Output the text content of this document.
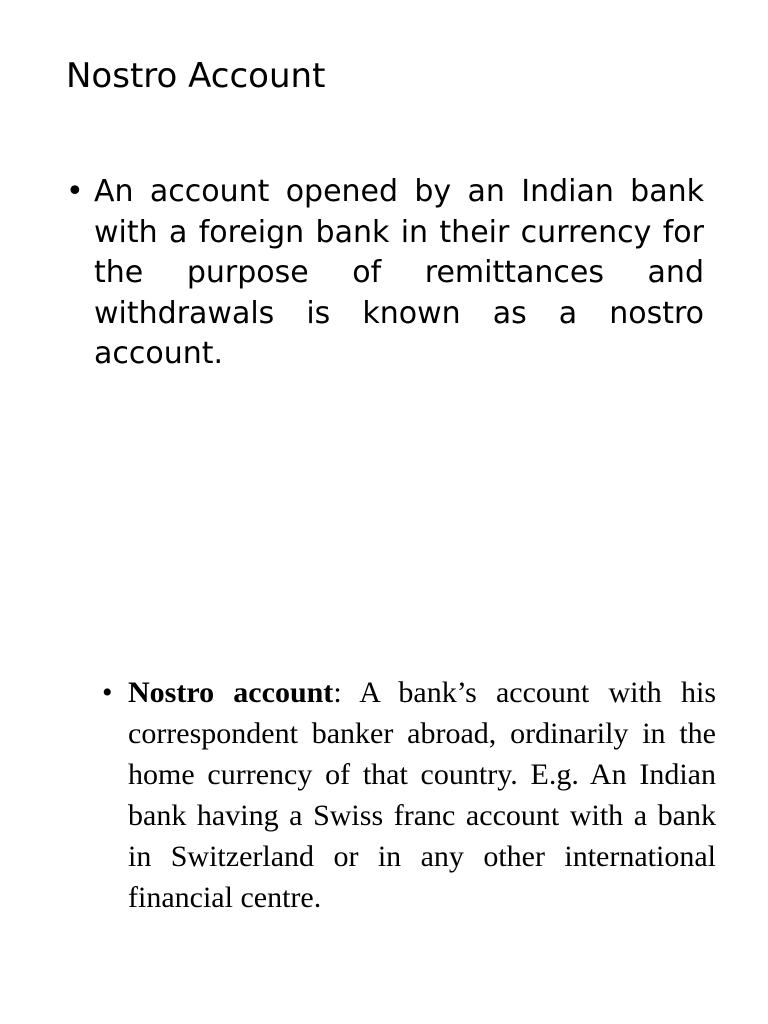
Nostro Account
• An account opened by an Indian bank with a foreign bank in their currency for the purpose of remittances and withdrawals is known as a nostro account.
• Nostro account: A bank’s account with his correspondent banker abroad, ordinarily in the home currency of that country. E.g. An Indian bank having a Swiss franc account with a bank in Switzerland or in any other international financial centre.
